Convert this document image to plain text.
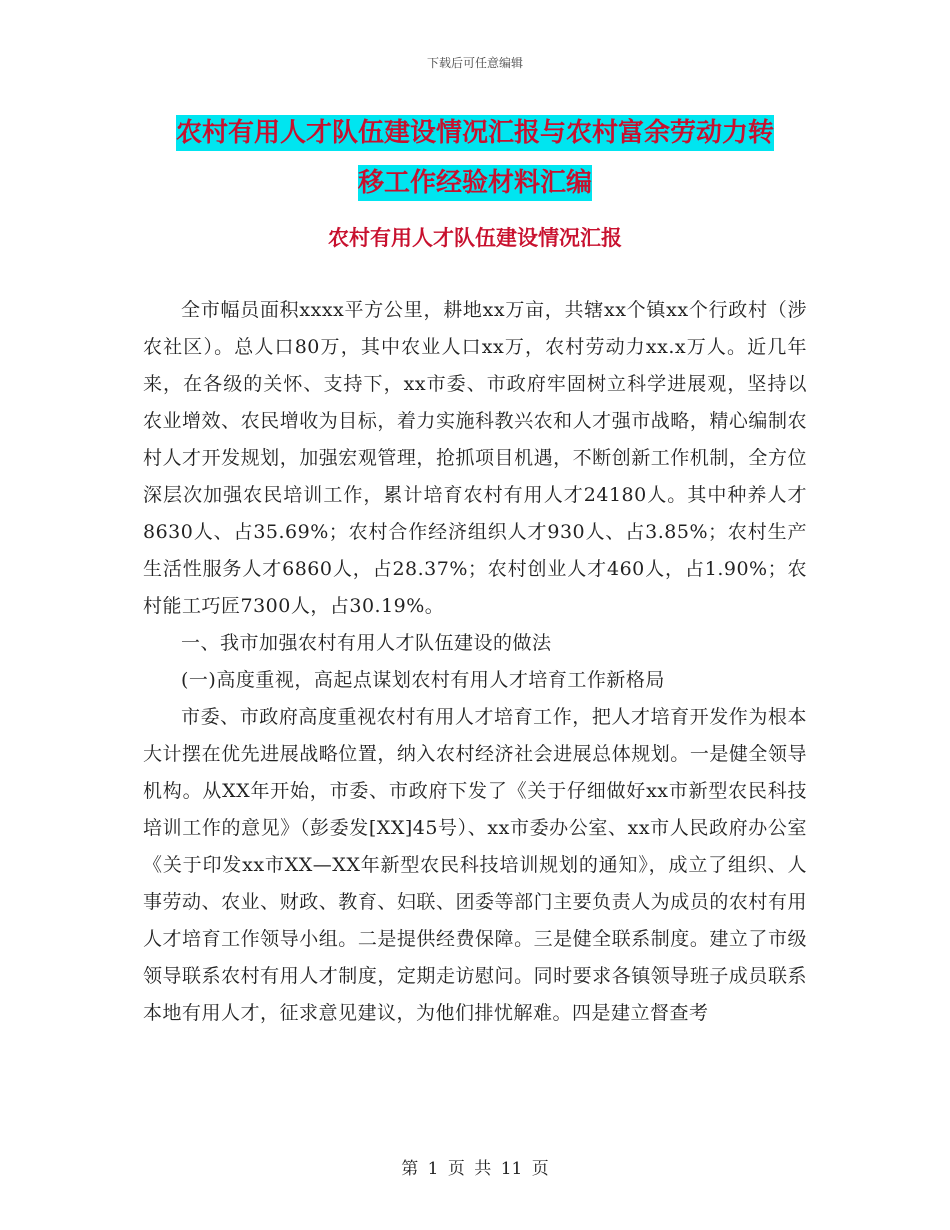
下载后可任意编辑
农村有用人才队伍建设情况汇报与农村富余劳动力转
移工作经验材料汇编
农村有用人才队伍建设情况汇报

全市幅员面积xxxx平方公里，耕地xx万亩，共辖xx个镇xx个行政村（涉农社区）。总人口80万，其中农业人口xx万，农村劳动力xx.x万人。近几年来，在各级的关怀、支持下，xx市委、市政府牢固树立科学进展观，坚持以农业增效、农民增收为目标，着力实施科教兴农和人才强市战略，精心编制农村人才开发规划，加强宏观管理，抢抓项目机遇，不断创新工作机制，全方位深层次加强农民培训工作，累计培育农村有用人才24180人。其中种养人才8630人、占35.69%；农村合作经济组织人才930人、占3.85%；农村生产生活性服务人才6860人，占28.37%；农村创业人才460人，占1.90%；农村能工巧匠7300人，占30.19%。

一、我市加强农村有用人才队伍建设的做法

(一)高度重视，高起点谋划农村有用人才培育工作新格局

市委、市政府高度重视农村有用人才培育工作，把人才培育开发作为根本大计摆在优先进展战略位置，纳入农村经济社会进展总体规划。一是健全领导机构。从XX年开始，市委、市政府下发了《关于仔细做好xx市新型农民科技培训工作的意见》（彭委发[XX]45号）、xx市委办公室、xx市人民政府办公室《关于印发xx市XX—XX年新型农民科技培训规划的通知》，成立了组织、人事劳动、农业、财政、教育、妇联、团委等部门主要负责人为成员的农村有用人才培育工作领导小组。二是提供经费保障。三是健全联系制度。建立了市级领导联系农村有用人才制度，定期走访慰问。同时要求各镇领导班子成员联系本地有用人才，征求意见建议，为他们排忧解难。四是建立督查考

第 1 页 共 11 页
